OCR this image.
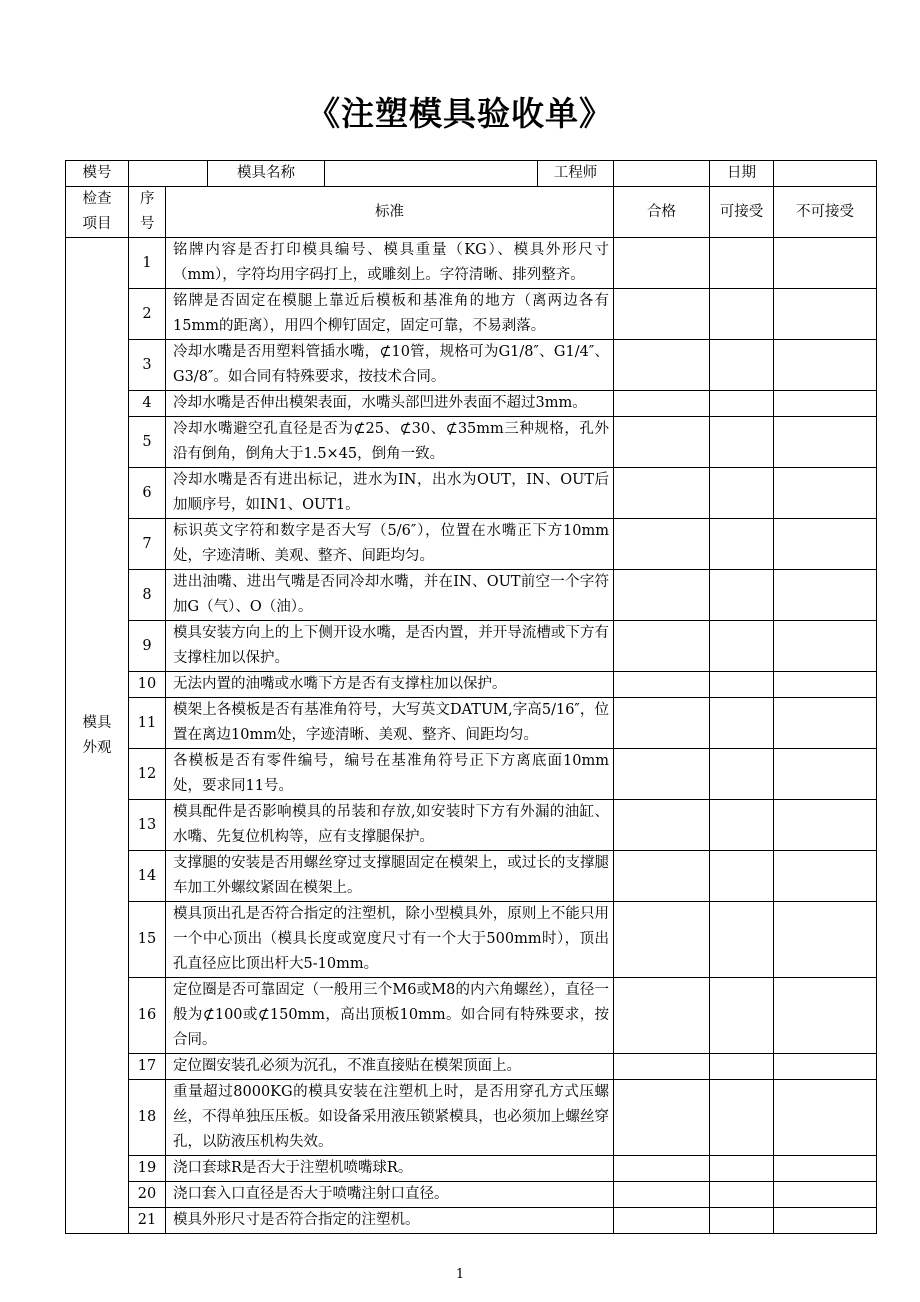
《注塑模具验收单》
模号			模具名称		工程师		日期	
检查项目	序号	标准				合格	可接受	不可接受
模具外观	1	铭牌内容是否打印模具编号、模具重量（KG）、模具外形尺寸（mm），字符均用字码打上，或雕刻上。字符清晰、排列整齐。						
	2	铭牌是否固定在模腿上靠近后模板和基准角的地方（离两边各有15mm的距离），用四个柳钉固定，固定可靠，不易剥落。						
	3	冷却水嘴是否用塑料管插水嘴，⊄10管，规格可为G1/8″、G1/4″、G3/8″。如合同有特殊要求，按技术合同。						
	4	冷却水嘴是否伸出模架表面，水嘴头部凹进外表面不超过3mm。						
	5	冷却水嘴避空孔直径是否为⊄25、⊄30、⊄35mm三种规格，孔外沿有倒角，倒角大于1.5×45，倒角一致。						
	6	冷却水嘴是否有进出标记，进水为IN，出水为OUT，IN、OUT后加顺序号，如IN1、OUT1。						
	7	标识英文字符和数字是否大写（5/6″），位置在水嘴正下方10mm处，字迹清晰、美观、整齐、间距均匀。						
	8	进出油嘴、进出气嘴是否同冷却水嘴，并在IN、OUT前空一个字符加G（气）、O（油）。						
	9	模具安装方向上的上下侧开设水嘴，是否内置，并开导流槽或下方有支撑柱加以保护。						
	10	无法内置的油嘴或水嘴下方是否有支撑柱加以保护。						
	11	模架上各模板是否有基准角符号，大写英文DATUM,字高5/16″，位置在离边10mm处，字迹清晰、美观、整齐、间距均匀。						
	12	各模板是否有零件编号，编号在基准角符号正下方离底面10mm处，要求同11号。						
	13	模具配件是否影响模具的吊装和存放,如安装时下方有外漏的油缸、水嘴、先复位机构等，应有支撑腿保护。						
	14	支撑腿的安装是否用螺丝穿过支撑腿固定在模架上，或过长的支撑腿车加工外螺纹紧固在模架上。						
	15	模具顶出孔是否符合指定的注塑机，除小型模具外，原则上不能只用一个中心顶出（模具长度或宽度尺寸有一个大于500mm时），顶出孔直径应比顶出杆大5-10mm。						
	16	定位圈是否可靠固定（一般用三个M6或M8的内六角螺丝），直径一般为⊄100或⊄150mm，高出顶板10mm。如合同有特殊要求，按合同。						
	17	定位圈安装孔必须为沉孔，不准直接贴在模架顶面上。						
	18	重量超过8000KG的模具安装在注塑机上时，是否用穿孔方式压螺丝，不得单独压压板。如设备采用液压锁紧模具，也必须加上螺丝穿孔，以防液压机构失效。						
	19	浇口套球R是否大于注塑机喷嘴球R。						
	20	浇口套入口直径是否大于喷嘴注射口直径。						
	21	模具外形尺寸是否符合指定的注塑机。						
1
